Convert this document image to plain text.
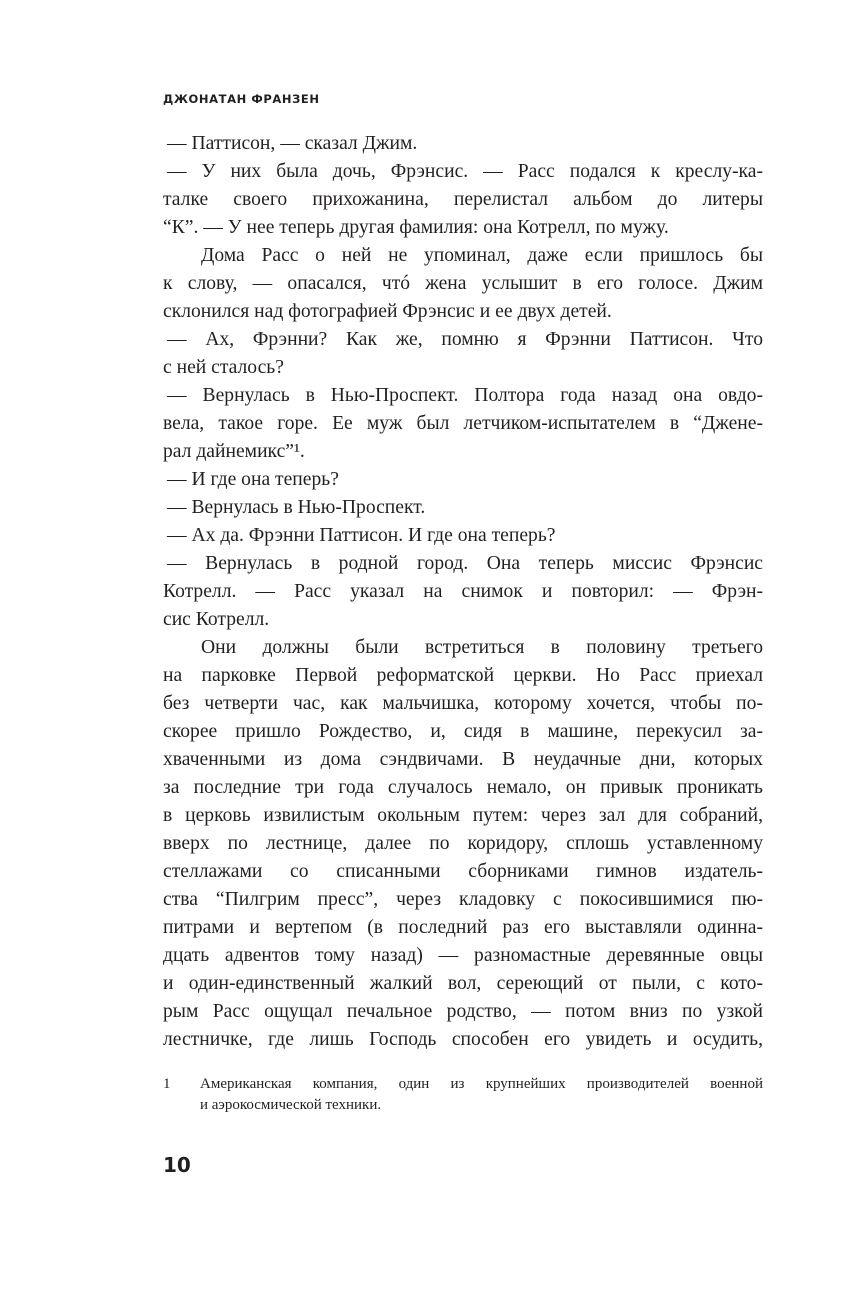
ДЖОНАТАН ФРАНЗЕН
— Паттисон, — сказал Джим.
— У них была дочь, Фрэнсис. — Расс подался к креслу-ка-
талке своего прихожанина, перелистал альбом до литеры
“К”. — У нее теперь другая фамилия: она Котрелл, по мужу.
Дома Расс о ней не упоминал, даже если пришлось бы
к слову, — опасался, чтó жена услышит в его голосе. Джим
склонился над фотографией Фрэнсис и ее двух детей.
— Ах, Фрэнни? Как же, помню я Фрэнни Паттисон. Что
с ней сталось?
— Вернулась в Нью-Проспект. Полтора года назад она овдо-
вела, такое горе. Ее муж был летчиком-испытателем в “Джене-
рал дайнемикс”¹.
— И где она теперь?
— Вернулась в Нью-Проспект.
— Ах да. Фрэнни Паттисон. И где она теперь?
— Вернулась в родной город. Она теперь миссис Фрэнсис
Котрелл. — Расс указал на снимок и повторил: — Фрэн-
сис Котрелл.
Они должны были встретиться в половину третьего
на парковке Первой реформатской церкви. Но Расс приехал
без четверти час, как мальчишка, которому хочется, чтобы по-
скорее пришло Рождество, и, сидя в машине, перекусил за-
хваченными из дома сэндвичами. В неудачные дни, которых
за последние три года случалось немало, он привык проникать
в церковь извилистым окольным путем: через зал для собраний,
вверх по лестнице, далее по коридору, сплошь уставленному
стеллажами со списанными сборниками гимнов издатель-
ства “Пилгрим пресс”, через кладовку с покосившимися пю-
питрами и вертепом (в последний раз его выставляли одинна-
дцать адвентов тому назад) — разномастные деревянные овцы
и один-единственный жалкий вол, сереющий от пыли, с кото-
рым Расс ощущал печальное родство, — потом вниз по узкой
лестничке, где лишь Господь способен его увидеть и осудить,
1 Американская компания, один из крупнейших производителей военной
и аэрокосмической техники.
10
